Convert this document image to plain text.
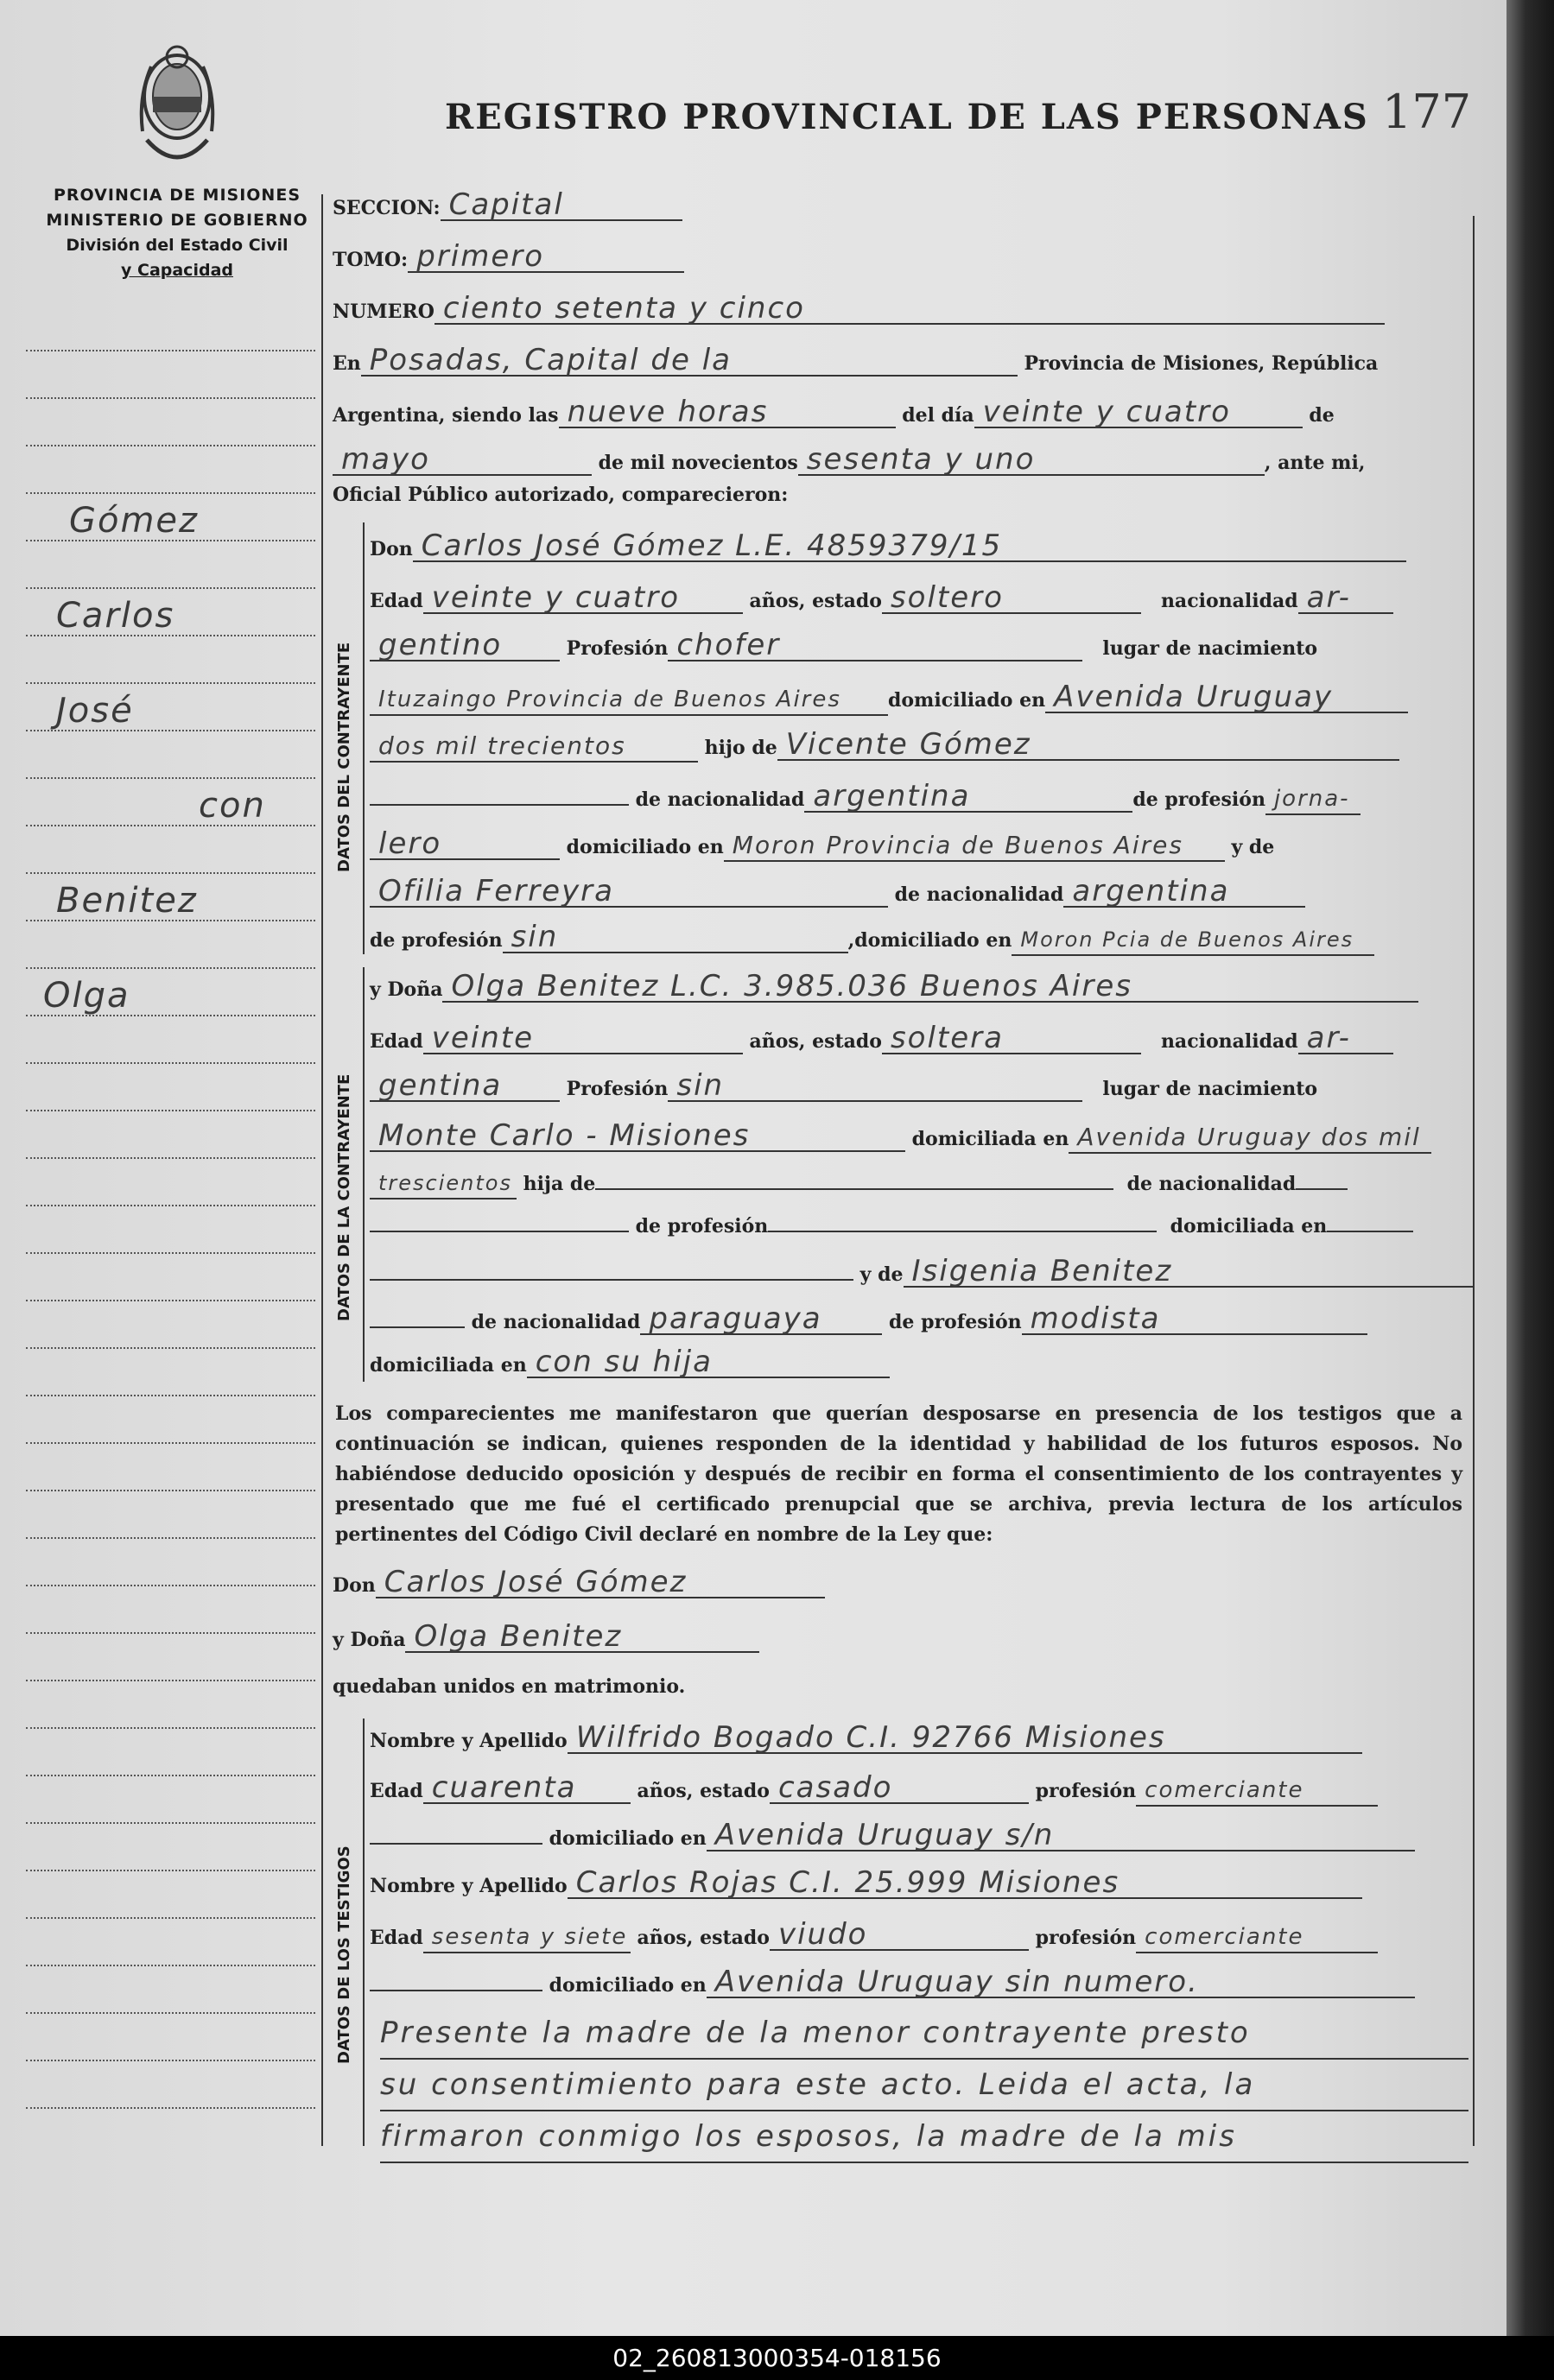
02_260813000354-018156
PROVINCIA DE MISIONES
MINISTERIO DE GOBIERNO
División del Estado Civil
y Capacidad
REGISTRO PROVINCIAL DE LAS PERSONAS 177
Gómez
Carlos
José
con
Benitez
Olga
DATOS DEL CONTRAYENTE
DATOS DE LA CONTRAYENTE
DATOS DE LOS TESTIGOS
SECCION: Capital
TOMO: primero
NUMERO ciento setenta y cinco
En Posadas, Capital de la	Provincia de Misiones, República
Argentina, siendo las nueve horas	del día veinte y cuatro	de
mayo	de mil novecientos sesenta y uno	, ante mi,
Oficial Público autorizado, comparecieron:
Don Carlos José Gómez L.E. 4859379/15
Edad veinte y cuatro	años, estado soltero	nacionalidad ar-
gentino	Profesión chofer	lugar de nacimiento
Ituzaingo Provincia de Buenos Aires domiciliado en Avenida Uruguay
dos mil trecientos	hijo de Vicente Gómez
de nacionalidad argentina	de profesión jorna-
lero	domiciliado en Moron Provincia de Buenos Aires	y de
Ofilia Ferreyra	de nacionalidad argentina
de profesión sin	,domiciliado en Moron Pcia de Buenos Aires
y Doña Olga Benitez L.C. 3.985.036 Buenos Aires
Edad veinte	años, estado soltera	nacionalidad ar-
gentina	Profesión sin	lugar de nacimiento
Monte Carlo - Misiones	domiciliada en Avenida Uruguay dos mil
trescientos hija de	de nacionalidad
de profesión	domiciliada en
y de Isigenia Benitez
de nacionalidad paraguaya	de profesión modista
domiciliada en con su hija
Los comparecientes me manifestaron que querían desposarse en presencia de los testigos que a continuación se indican, quienes responden de la identidad y habilidad de los futuros esposos. No habiéndose deducido oposición y después de recibir en forma el consentimiento de los contrayentes y presentado que me fué el certificado prenupcial que se archiva, previa lectura de los artículos pertinentes del Código Civil declaré en nombre de la Ley que:
Don Carlos José Gómez
y Doña Olga Benitez
quedaban unidos en matrimonio.
Nombre y Apellido Wilfrido Bogado C.I. 92766 Misiones
Edad cuarenta	años, estado casado	profesión comerciante
domiciliado en Avenida Uruguay s/n
Nombre y Apellido Carlos Rojas C.I. 25.999 Misiones
Edad sesenta y siete años, estado viudo	profesión comerciante
domiciliado en Avenida Uruguay sin numero.
Presente la madre de la menor contrayente presto
su consentimiento para este acto. Leida el acta, la
firmaron conmigo los esposos, la madre de la mis
